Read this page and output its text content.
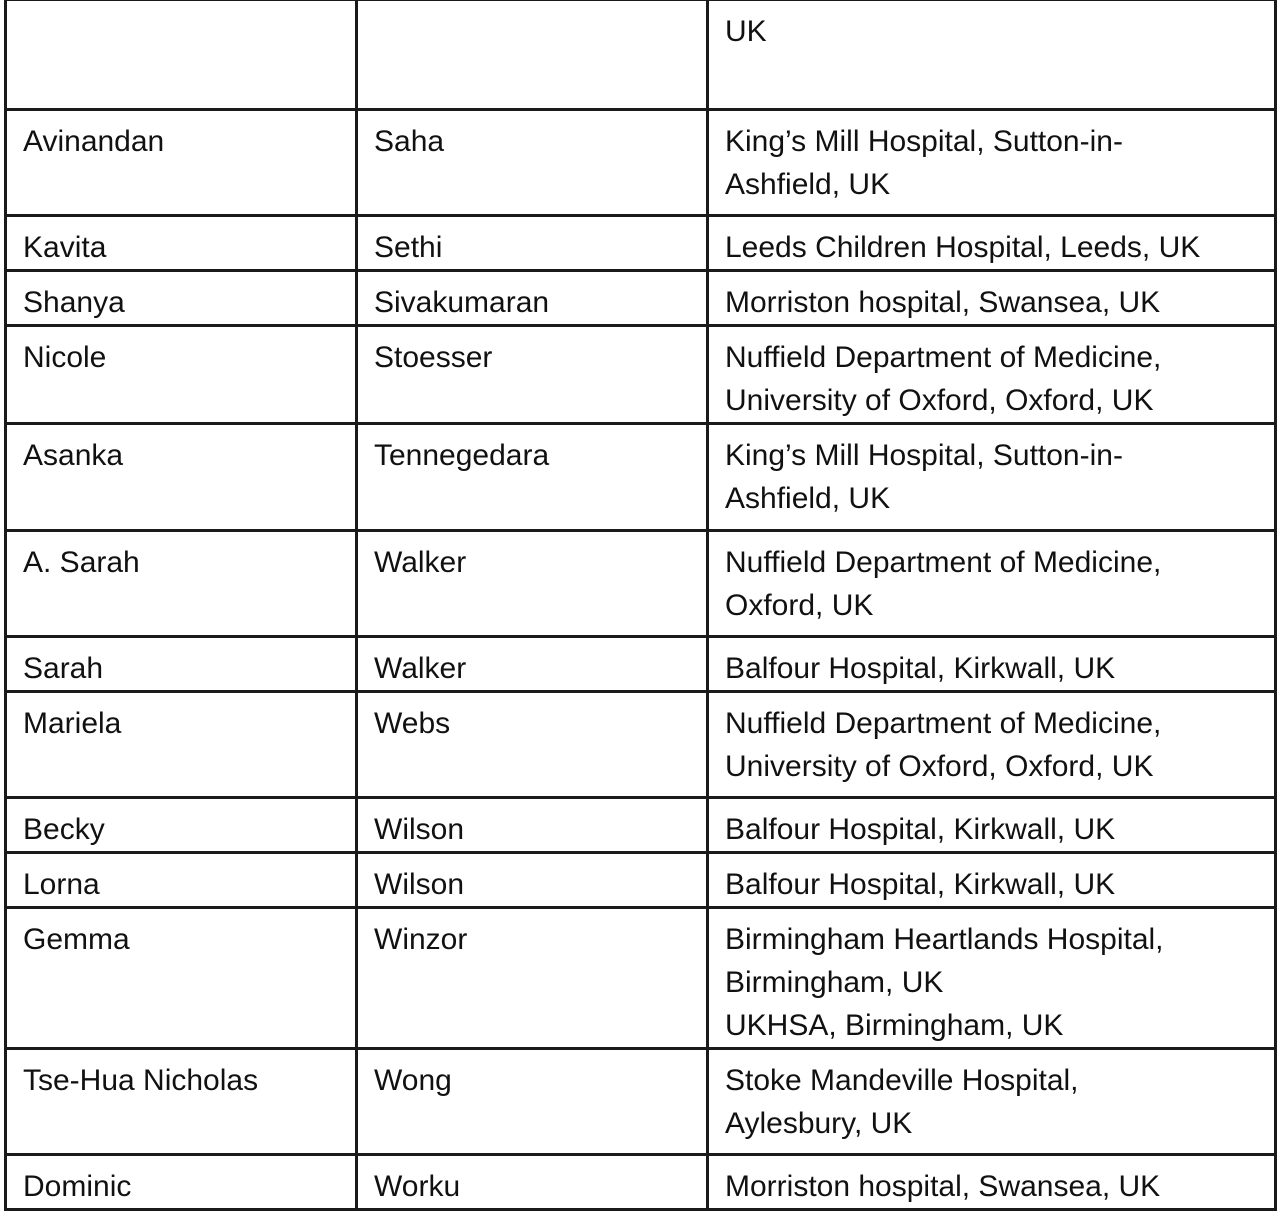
		UK

Avinandan	Saha	King’s Mill Hospital, Sutton-in-
Ashfield, UK

Kavita	Sethi	Leeds Children Hospital, Leeds, UK

Shanya	Sivakumaran	Morriston hospital, Swansea, UK

Nicole	Stoesser	Nuffield Department of Medicine,
University of Oxford, Oxford, UK

Asanka	Tennegedara	King’s Mill Hospital, Sutton-in-
Ashfield, UK

A. Sarah	Walker	Nuffield Department of Medicine,
Oxford, UK

Sarah	Walker	Balfour Hospital, Kirkwall, UK

Mariela	Webs	Nuffield Department of Medicine,
University of Oxford, Oxford, UK

Becky	Wilson	Balfour Hospital, Kirkwall, UK

Lorna	Wilson	Balfour Hospital, Kirkwall, UK

Gemma	Winzor	Birmingham Heartlands Hospital,
Birmingham, UK
UKHSA, Birmingham, UK

Tse-Hua Nicholas	Wong	Stoke Mandeville Hospital,
Aylesbury, UK

Dominic	Worku	Morriston hospital, Swansea, UK
